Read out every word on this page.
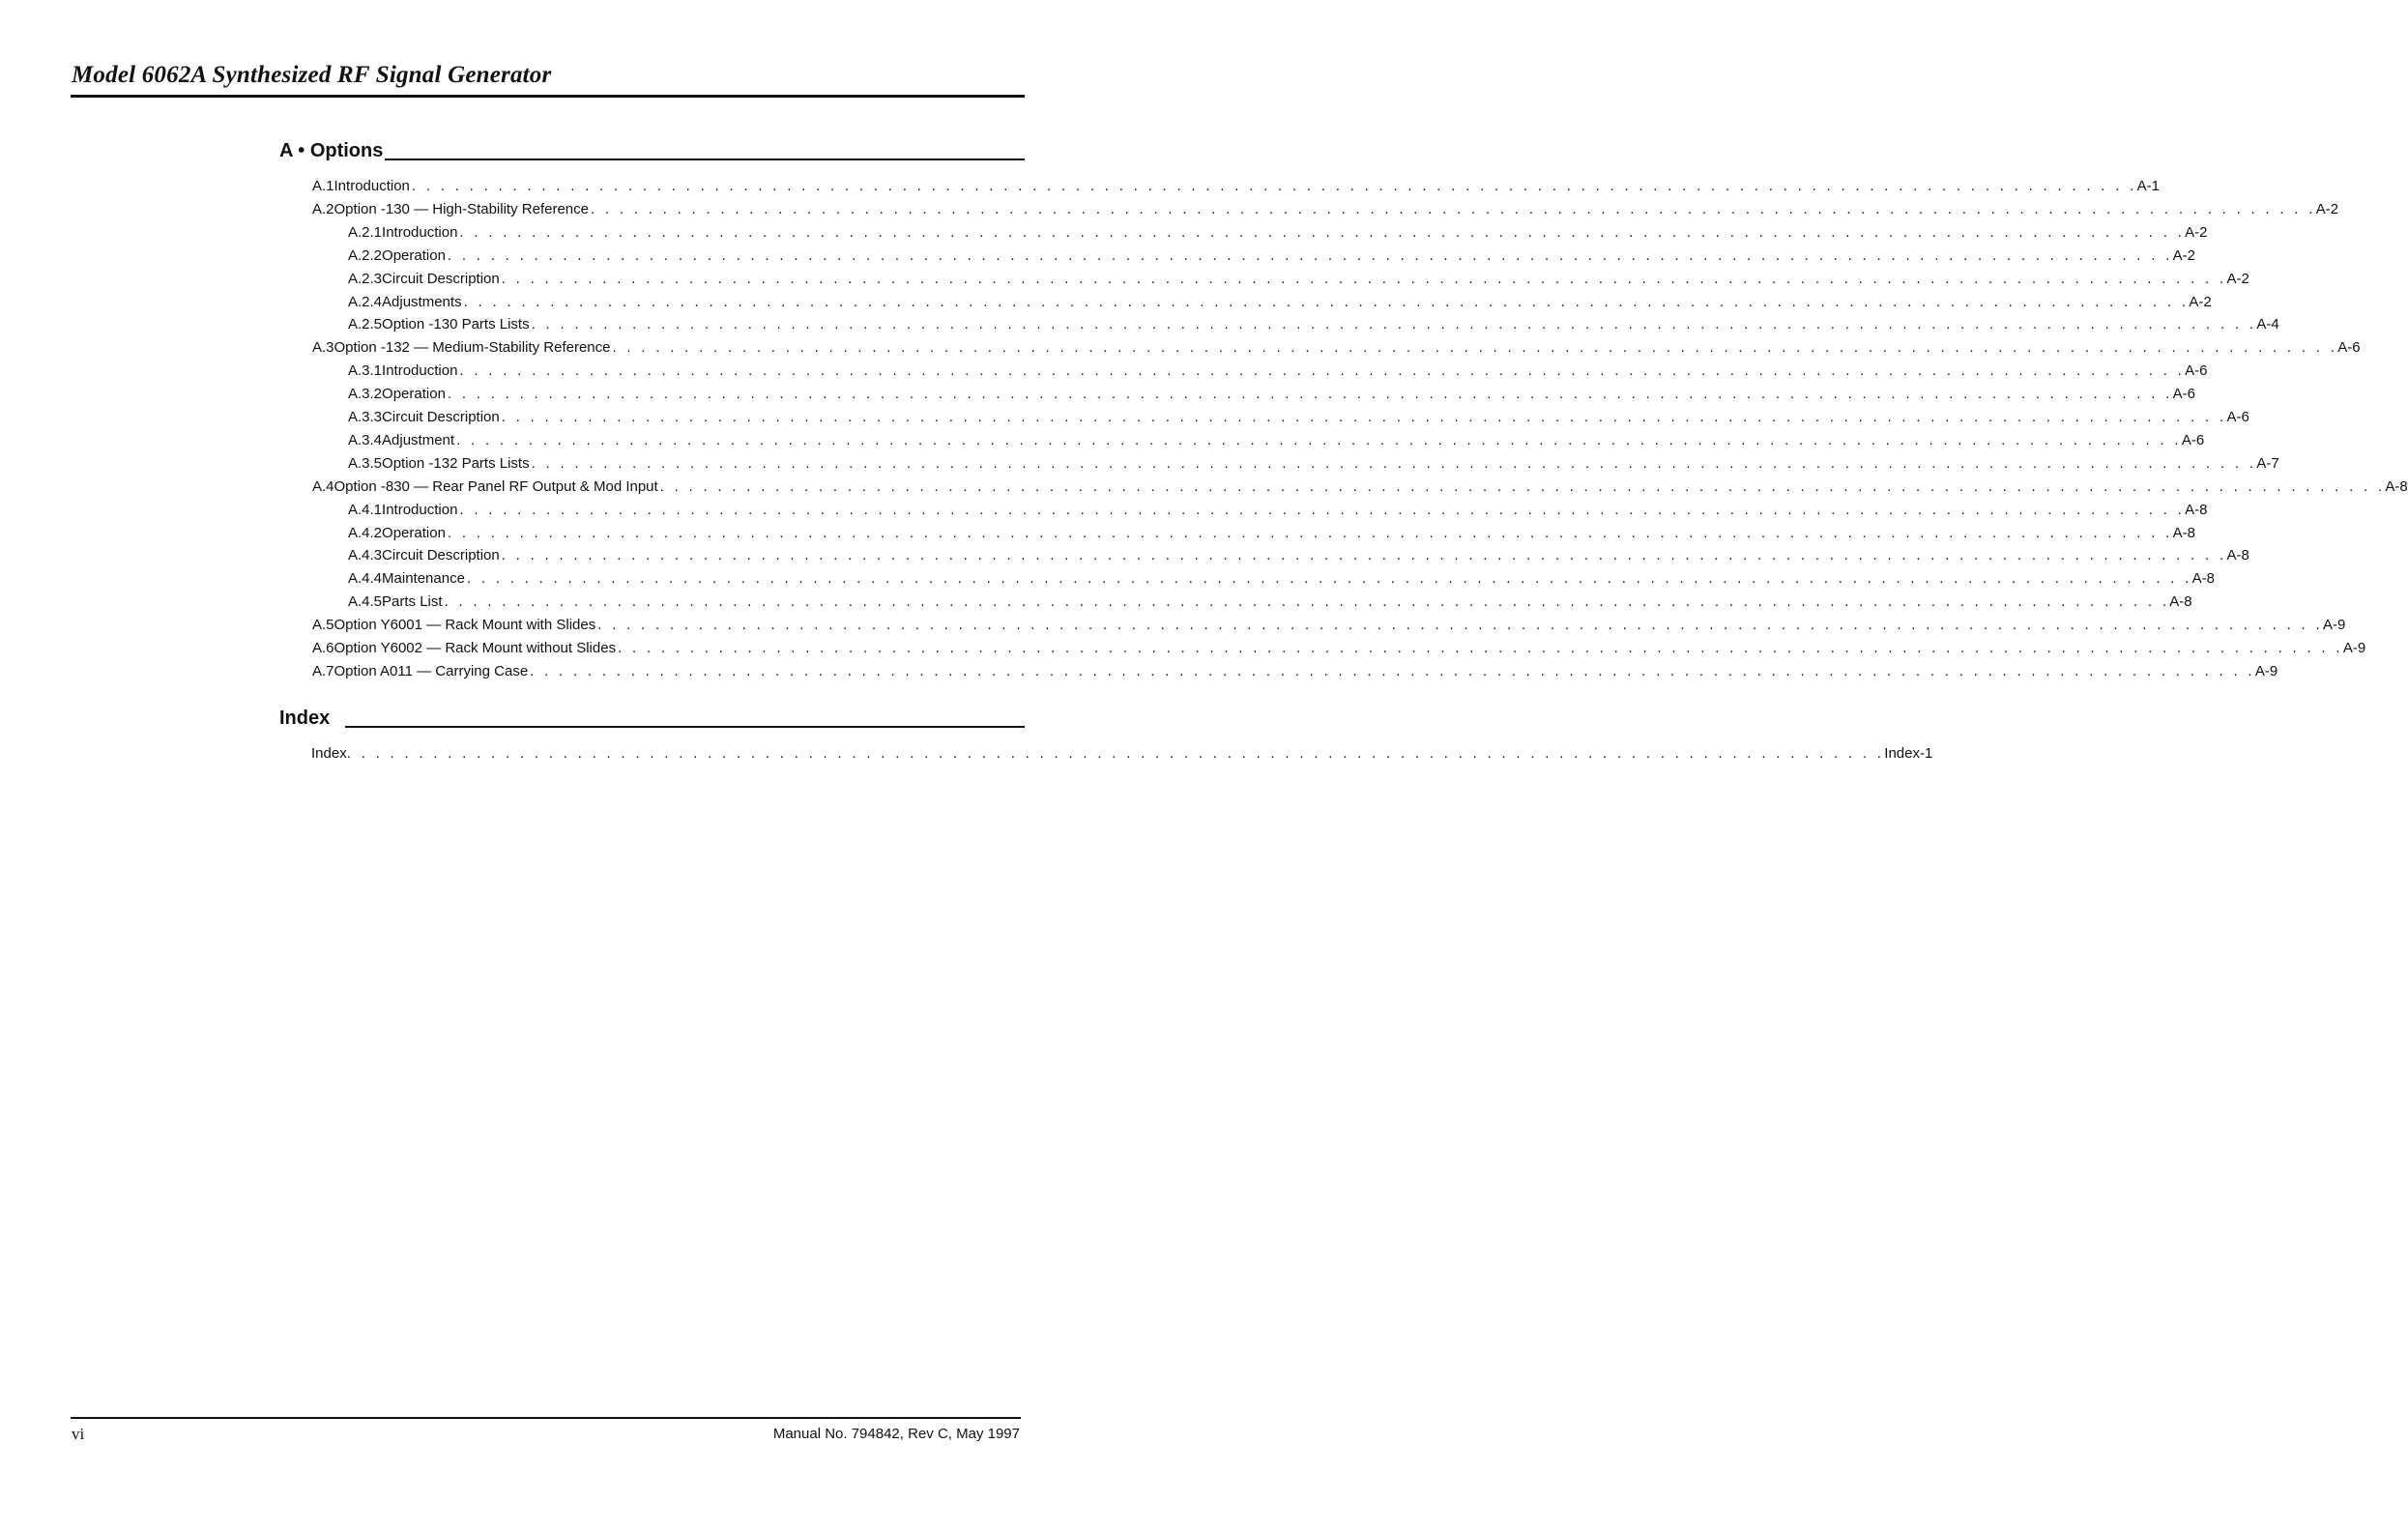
Model 6062A Synthesized RF Signal Generator
A • Options
A.1 Introduction . . . . . . . . . . . . . . . . . . . . . . . . . . . . . . . . . . . . . . . . . . . . . . . . . . . . . . . . . . . . . . . . . . . . . . . . . . . . . . . . . . . . . . . . . . . . . . . . . . . . . . . . . . . . . . . . . . . . . . . . A-1
A.2 Option -130 — High-Stability Reference . . . . . . . . . . . . . . . . . . . . . . . . . . . . . . . . . . . . . . . . . . . . . . . . . . . . . . . . . . . . . . . . . . . . . . . . . . . . . . . . . . . . . . . . . . . . . . . . . . . . . . . . . . . . . . . . . . . . . . . . A-2
A.2.1 Introduction . . . . . . . . . . . . . . . . . . . . . . . . . . . . . . . . . . . . . . . . . . . . . . . . . . . . . . . . . . . . . . . . . . . . . . . . . . . . . . . . . . . . . . . . . . . . . . . . . . . . . . . . . . . . . . . . . . . . . . . . A-2
A.2.2 Operation . . . . . . . . . . . . . . . . . . . . . . . . . . . . . . . . . . . . . . . . . . . . . . . . . . . . . . . . . . . . . . . . . . . . . . . . . . . . . . . . . . . . . . . . . . . . . . . . . . . . . . . . . . . . . . . . . . . . . . . . A-2
A.2.3 Circuit Description . . . . . . . . . . . . . . . . . . . . . . . . . . . . . . . . . . . . . . . . . . . . . . . . . . . . . . . . . . . . . . . . . . . . . . . . . . . . . . . . . . . . . . . . . . . . . . . . . . . . . . . . . . . . . . . . . . . . . . . . A-2
A.2.4 Adjustments . . . . . . . . . . . . . . . . . . . . . . . . . . . . . . . . . . . . . . . . . . . . . . . . . . . . . . . . . . . . . . . . . . . . . . . . . . . . . . . . . . . . . . . . . . . . . . . . . . . . . . . . . . . . . . . . . . . . . . . . A-2
A.2.5 Option -130 Parts Lists . . . . . . . . . . . . . . . . . . . . . . . . . . . . . . . . . . . . . . . . . . . . . . . . . . . . . . . . . . . . . . . . . . . . . . . . . . . . . . . . . . . . . . . . . . . . . . . . . . . . . . . . . . . . . . . . . . . . . . . . A-4
A.3 Option -132 — Medium-Stability Reference . . . . . . . . . . . . . . . . . . . . . . . . . . . . . . . . . . . . . . . . . . . . . . . . . . . . . . . . . . . . . . . . . . . . . . . . . . . . . . . . . . . . . . . . . . . . . . . . . . . . . . . . . . . . . . . . . . . . . . . . A-6
A.3.1 Introduction . . . . . . . . . . . . . . . . . . . . . . . . . . . . . . . . . . . . . . . . . . . . . . . . . . . . . . . . . . . . . . . . . . . . . . . . . . . . . . . . . . . . . . . . . . . . . . . . . . . . . . . . . . . . . . . . . . . . . . . . A-6
A.3.2 Operation . . . . . . . . . . . . . . . . . . . . . . . . . . . . . . . . . . . . . . . . . . . . . . . . . . . . . . . . . . . . . . . . . . . . . . . . . . . . . . . . . . . . . . . . . . . . . . . . . . . . . . . . . . . . . . . . . . . . . . . . A-6
A.3.3 Circuit Description . . . . . . . . . . . . . . . . . . . . . . . . . . . . . . . . . . . . . . . . . . . . . . . . . . . . . . . . . . . . . . . . . . . . . . . . . . . . . . . . . . . . . . . . . . . . . . . . . . . . . . . . . . . . . . . . . . . . . . . . A-6
A.3.4 Adjustment . . . . . . . . . . . . . . . . . . . . . . . . . . . . . . . . . . . . . . . . . . . . . . . . . . . . . . . . . . . . . . . . . . . . . . . . . . . . . . . . . . . . . . . . . . . . . . . . . . . . . . . . . . . . . . . . . . . . . . . . A-6
A.3.5 Option -132 Parts Lists . . . . . . . . . . . . . . . . . . . . . . . . . . . . . . . . . . . . . . . . . . . . . . . . . . . . . . . . . . . . . . . . . . . . . . . . . . . . . . . . . . . . . . . . . . . . . . . . . . . . . . . . . . . . . . . . . . . . . . . . A-7
A.4 Option -830 — Rear Panel RF Output & Mod Input . . . . . . . . . . . . . . . . . . . . . . . . . . . . . . . . . . . . . . . . . . . . . . . . . . . . . . . . . . . . . . . . . . . . . . . . . . . . . . . . . . . . . . . . . . . . . . . . . . . . . . . . . . . . . . . . . . . . . . . . A-8
A.4.1 Introduction . . . . . . . . . . . . . . . . . . . . . . . . . . . . . . . . . . . . . . . . . . . . . . . . . . . . . . . . . . . . . . . . . . . . . . . . . . . . . . . . . . . . . . . . . . . . . . . . . . . . . . . . . . . . . . . . . . . . . . . . A-8
A.4.2 Operation . . . . . . . . . . . . . . . . . . . . . . . . . . . . . . . . . . . . . . . . . . . . . . . . . . . . . . . . . . . . . . . . . . . . . . . . . . . . . . . . . . . . . . . . . . . . . . . . . . . . . . . . . . . . . . . . . . . . . . . . A-8
A.4.3 Circuit Description . . . . . . . . . . . . . . . . . . . . . . . . . . . . . . . . . . . . . . . . . . . . . . . . . . . . . . . . . . . . . . . . . . . . . . . . . . . . . . . . . . . . . . . . . . . . . . . . . . . . . . . . . . . . . . . . . . . . . . . . A-8
A.4.4 Maintenance . . . . . . . . . . . . . . . . . . . . . . . . . . . . . . . . . . . . . . . . . . . . . . . . . . . . . . . . . . . . . . . . . . . . . . . . . . . . . . . . . . . . . . . . . . . . . . . . . . . . . . . . . . . . . . . . . . . . . . . . A-8
A.4.5 Parts List . . . . . . . . . . . . . . . . . . . . . . . . . . . . . . . . . . . . . . . . . . . . . . . . . . . . . . . . . . . . . . . . . . . . . . . . . . . . . . . . . . . . . . . . . . . . . . . . . . . . . . . . . . . . . . . . . . . . . . . . A-8
A.5 Option Y6001 — Rack Mount with Slides . . . . . . . . . . . . . . . . . . . . . . . . . . . . . . . . . . . . . . . . . . . . . . . . . . . . . . . . . . . . . . . . . . . . . . . . . . . . . . . . . . . . . . . . . . . . . . . . . . . . . . . . . . . . . . . . . . . . . . . . A-9
A.6 Option Y6002 — Rack Mount without Slides . . . . . . . . . . . . . . . . . . . . . . . . . . . . . . . . . . . . . . . . . . . . . . . . . . . . . . . . . . . . . . . . . . . . . . . . . . . . . . . . . . . . . . . . . . . . . . . . . . . . . . . . . . . . . . . . . . . . . . . . A-9
A.7 Option A011 — Carrying Case . . . . . . . . . . . . . . . . . . . . . . . . . . . . . . . . . . . . . . . . . . . . . . . . . . . . . . . . . . . . . . . . . . . . . . . . . . . . . . . . . . . . . . . . . . . . . . . . . . . . . . . . . . . . . . . . . . . . . . . . A-9
Index
Index . . . . . . . . . . . . . . . . . . . . . . . . . . . . . . . . . . . . . . . . . . . . . . . . . . . . . . . . . . . . . . . . . . . . . . . . . . . . . . . . . . . . . . . . . . . . . . . . . . . . . . . . . . . Index-1
vi	Manual No. 794842, Rev C, May 1997
